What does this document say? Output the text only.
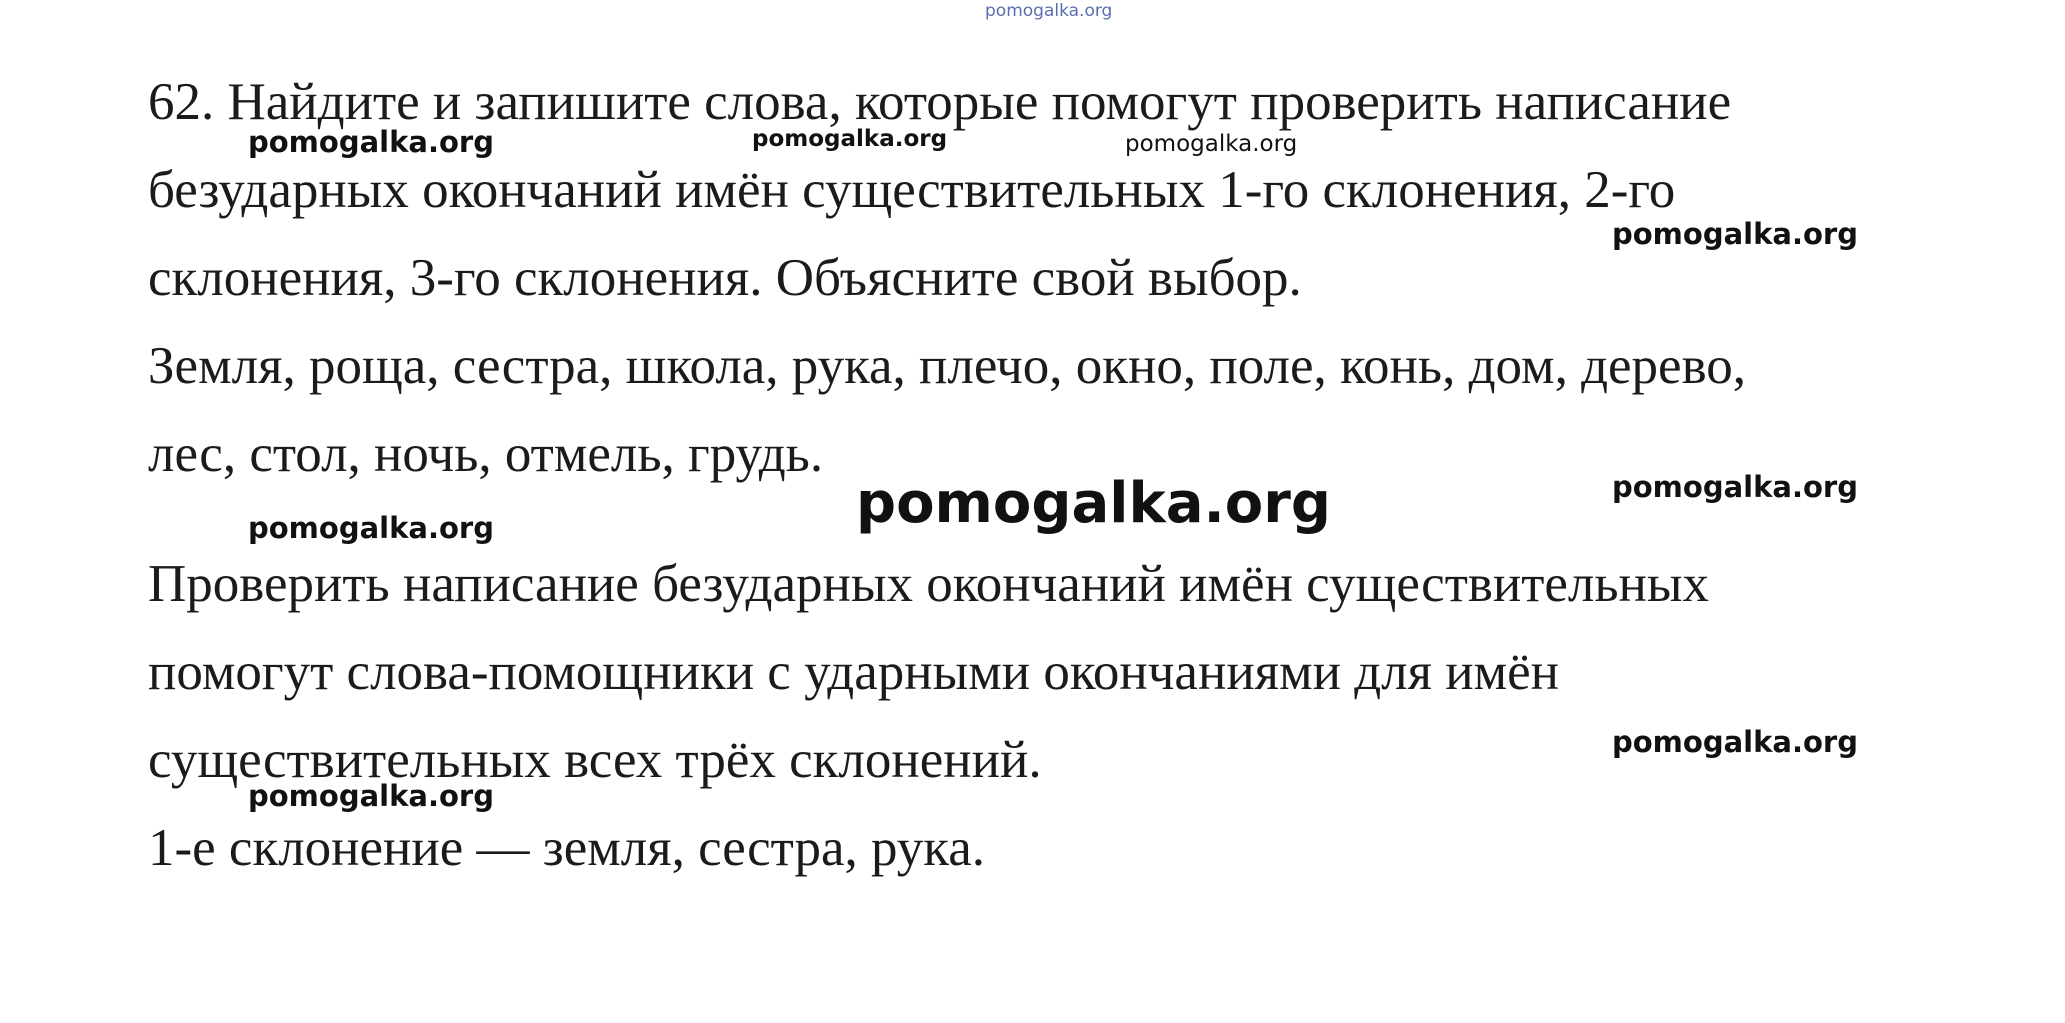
pomogalka.org

62. Найдите и запишите слова, которые помогут проверить написание
безударных окончаний имён существительных 1-го склонения, 2-го
склонения, 3-го склонения. Объясните свой выбор.

Земля, роща, сестра, школа, рука, плечо, окно, поле, конь, дом, дерево,
лес, стол, ночь, отмель, грудь.

Проверить написание безударных окончаний имён существительных
помогут слова-помощники с ударными окончаниями для имён
существительных всех трёх склонений.

1-е склонение — земля, сестра, рука.

pomogalka.org	pomogalka.org	pomogalka.org
pomogalka.org
pomogalka.org	pomogalka.org
pomogalka.org
pomogalka.org
pomogalka.org
